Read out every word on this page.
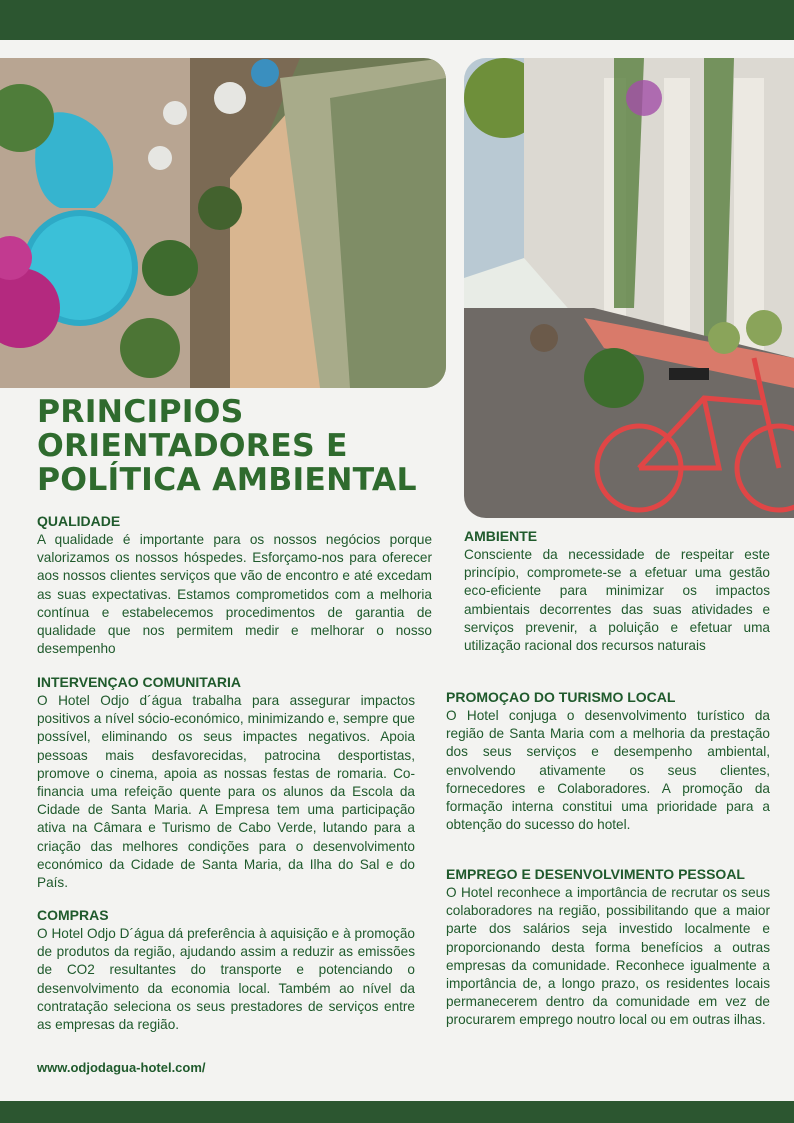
PRINCIPIOS
ORIENTADORES E
POLÍTICA AMBIENTAL
QUALIDADE

A qualidade é importante para os nossos negócios porque valorizamos os nossos hóspedes. Esforçamo-nos para oferecer aos nossos clientes serviços que vão de encontro e até excedam as suas expectativas. Estamos comprometidos com a melhoria contínua e estabelecemos procedimentos de garantia de qualidade que nos permitem medir e melhorar o nosso desempenho

INTERVENÇAO COMUNITARIA

O Hotel Odjo d´água trabalha para assegurar impactos positivos a nível sócio-económico, minimizando e, sempre que possível, eliminando os seus impactes negativos. Apoia pessoas mais desfavorecidas, patrocina desportistas, promove o cinema, apoia as nossas festas de romaria. Co-financia uma refeição quente para os alunos da Escola da Cidade de Santa Maria. A Empresa tem uma participação ativa na Câmara e Turismo de Cabo Verde, lutando para a criação das melhores condições para o desenvolvimento económico da Cidade de Santa Maria, da Ilha do Sal e do País.

COMPRAS

O Hotel Odjo D´água dá preferência à aquisição e à promoção de produtos da região, ajudando assim a reduzir as emissões de CO2 resultantes do transporte e potenciando o desenvolvimento da economia local. Também ao nível da contratação seleciona os seus prestadores de serviços entre as empresas da região.

AMBIENTE

Consciente da necessidade de respeitar este princípio, compromete-se a efetuar uma gestão eco-eficiente para minimizar os impactos ambientais decorrentes das suas atividades e serviços prevenir, a poluição e efetuar uma utilização racional dos recursos naturais

PROMOÇAO DO TURISMO LOCAL

O Hotel conjuga o desenvolvimento turístico da região de Santa Maria com a melhoria da prestação dos seus serviços e desempenho ambiental, envolvendo ativamente os seus clientes, fornecedores e Colaboradores. A promoção da formação interna constitui uma prioridade para a obtenção do sucesso do hotel.

EMPREGO E DESENVOLVIMENTO PESSOAL

O Hotel reconhece a importância de recrutar os seus colaboradores na região, possibilitando que a maior parte dos salários seja investido localmente e proporcionando desta forma benefícios a outras empresas da comunidade. Reconhece igualmente a importância de, a longo prazo, os residentes locais permanecerem dentro da comunidade em vez de procurarem emprego noutro local ou em outras ilhas.

www.odjodagua-hotel.com/
